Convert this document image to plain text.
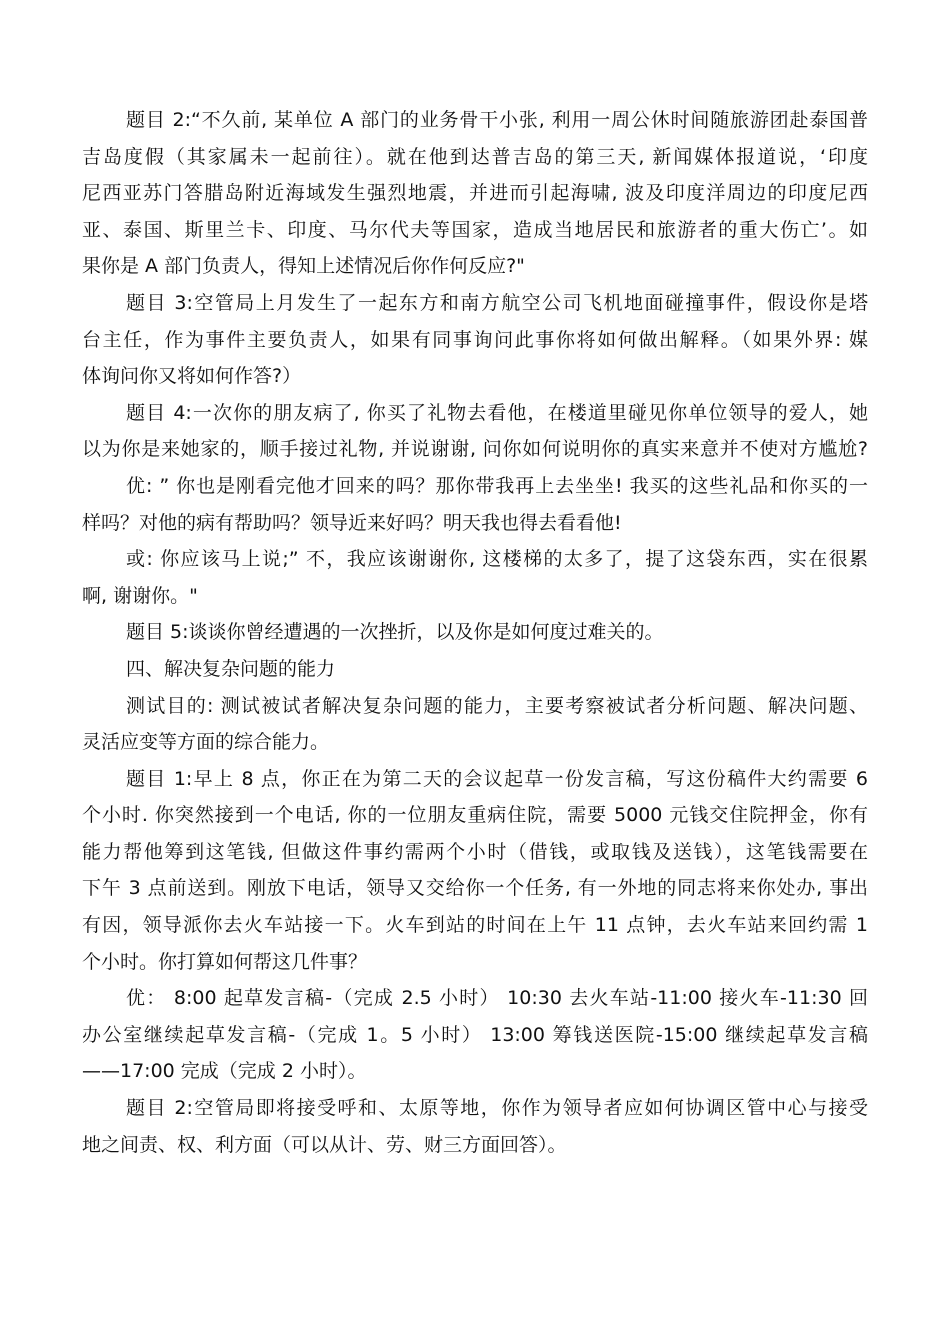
题目 2:“不久前, 某单位 A 部门的业务骨干小张, 利用一周公休时间随旅游团赴泰国普
吉岛度假（其家属未一起前往）。就在他到达普吉岛的第三天, 新闻媒体报道说，‘印度
尼西亚苏门答腊岛附近海域发生强烈地震，并进而引起海啸, 波及印度洋周边的印度尼西
亚、泰国、斯里兰卡、印度、马尔代夫等国家，造成当地居民和旅游者的重大伤亡’。如
果你是 A 部门负责人，得知上述情况后你作何反应?"
题目 3:空管局上月发生了一起东方和南方航空公司飞机地面碰撞事件，假设你是塔
台主任，作为事件主要负责人，如果有同事询问此事你将如何做出解释。（如果外界: 媒
体询问你又将如何作答?）
题目 4:一次你的朋友病了, 你买了礼物去看他，在楼道里碰见你单位领导的爱人，她
以为你是来她家的，顺手接过礼物, 并说谢谢, 问你如何说明你的真实来意并不使对方尴尬?
优: ” 你也是刚看完他才回来的吗？那你带我再上去坐坐! 我买的这些礼品和你买的一
样吗？对他的病有帮助吗？领导近来好吗？明天我也得去看看他!
或: 你应该马上说;” 不，我应该谢谢你, 这楼梯的太多了，提了这袋东西，实在很累
啊, 谢谢你。"
题目 5:谈谈你曾经遭遇的一次挫折，以及你是如何度过难关的。
四、解决复杂问题的能力
测试目的: 测试被试者解决复杂问题的能力，主要考察被试者分析问题、解决问题、
灵活应变等方面的综合能力。
题目 1:早上 8 点，你正在为第二天的会议起草一份发言稿，写这份稿件大约需要 6
个小时. 你突然接到一个电话, 你的一位朋友重病住院，需要 5000 元钱交住院押金，你有
能力帮他筹到这笔钱, 但做这件事约需两个小时（借钱，或取钱及送钱），这笔钱需要在
下午 3 点前送到。刚放下电话，领导又交给你一个任务, 有一外地的同志将来你处办, 事出
有因，领导派你去火车站接一下。火车到站的时间在上午 11 点钟，去火车站来回约需 1
个小时。你打算如何帮这几件事？
优： 8:00 起草发言稿-（完成 2.5 小时） 10:30 去火车站-11:00 接火车-11:30 回
办公室继续起草发言稿-（完成 1。5 小时） 13:00 筹钱送医院-15:00 继续起草发言稿
——17:00 完成（完成 2 小时）。
题目 2:空管局即将接受呼和、太原等地，你作为领导者应如何协调区管中心与接受
地之间责、权、利方面（可以从计、劳、财三方面回答）。
